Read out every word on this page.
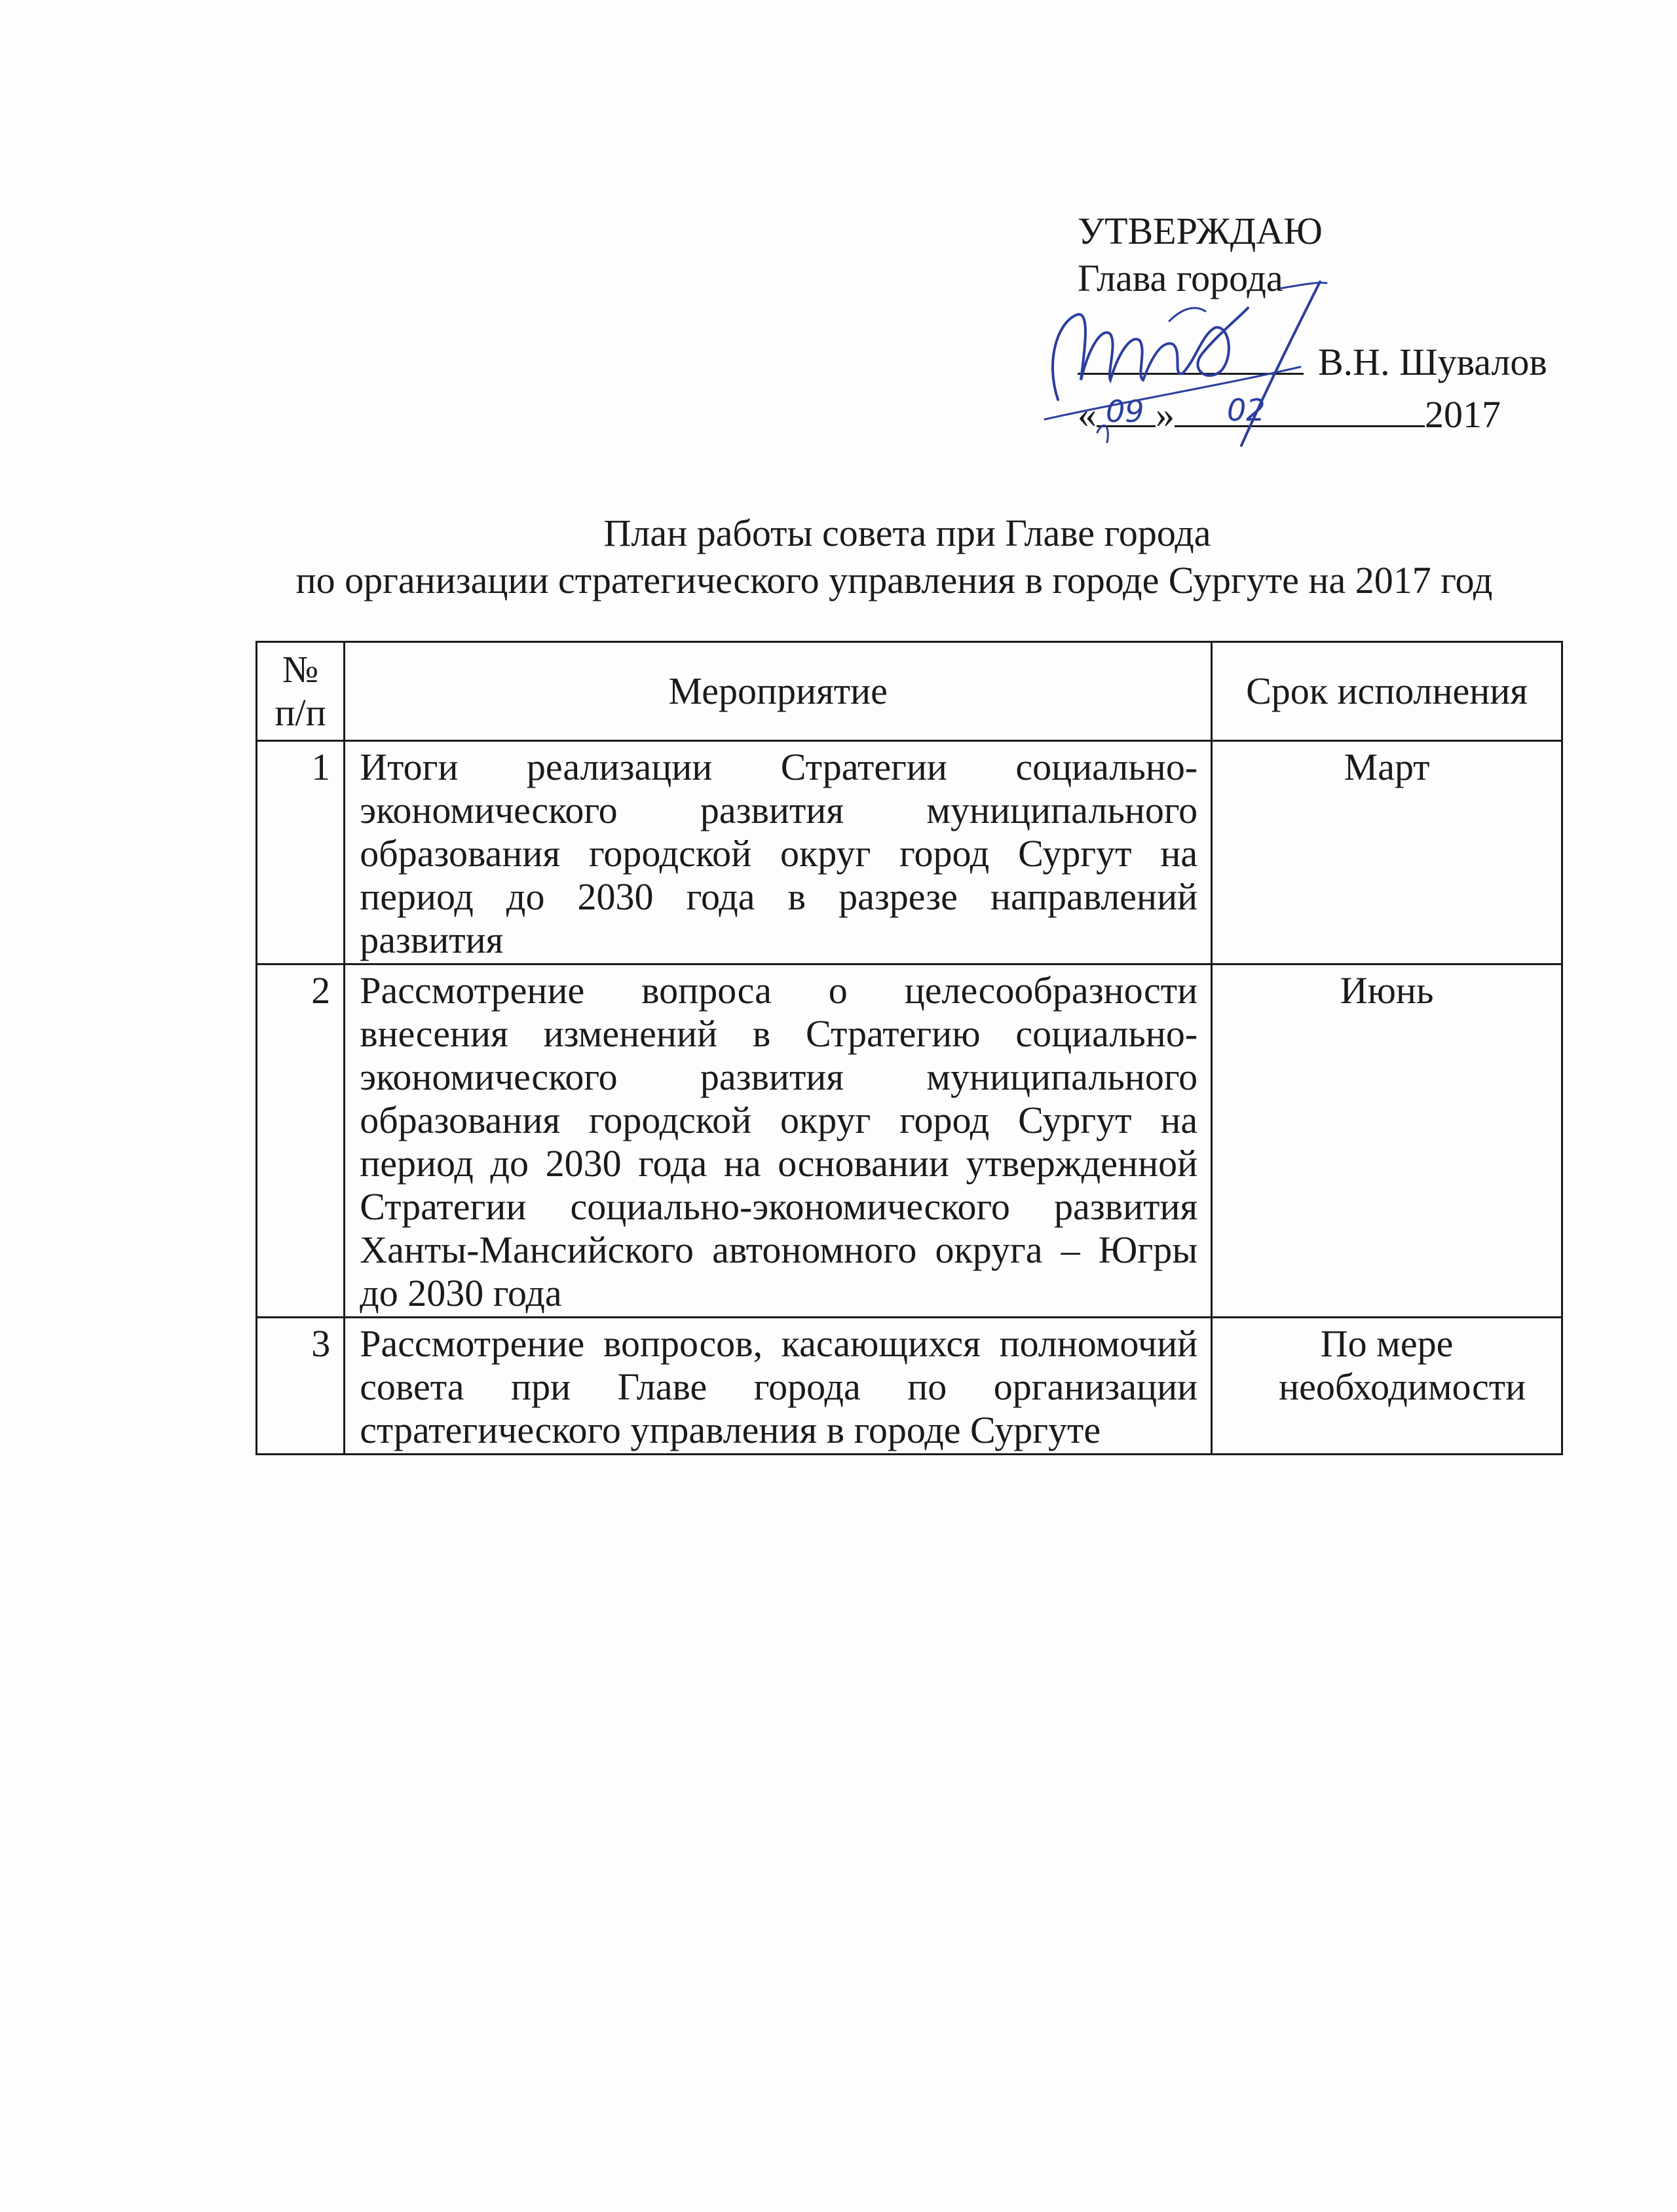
УТВЕРЖДАЮ
Глава города
В.Н. Шувалов
« 09 » 02	2017
План работы совета при Главе города
по организации стратегического управления в городе Сургуте на 2017 год
№ п/п	Мероприятие	Срок исполнения
1	Итоги реализации Стратегии социально-экономического развития муниципального образования городской округ город Сургут на период до 2030 года в разрезе направлений развития	Март
2	Рассмотрение вопроса о целесообразности внесения изменений в Стратегию социально-экономического развития муниципального образования городской округ город Сургут на период до 2030 года на основании утвержденной Стратегии социально-экономического развития Ханты-Мансийского автономного округа – Югры до 2030 года	Июнь
3	Рассмотрение вопросов, касающихся полномочий совета при Главе города по организации стратегического управления в городе Сургуте	По мере необходимости
